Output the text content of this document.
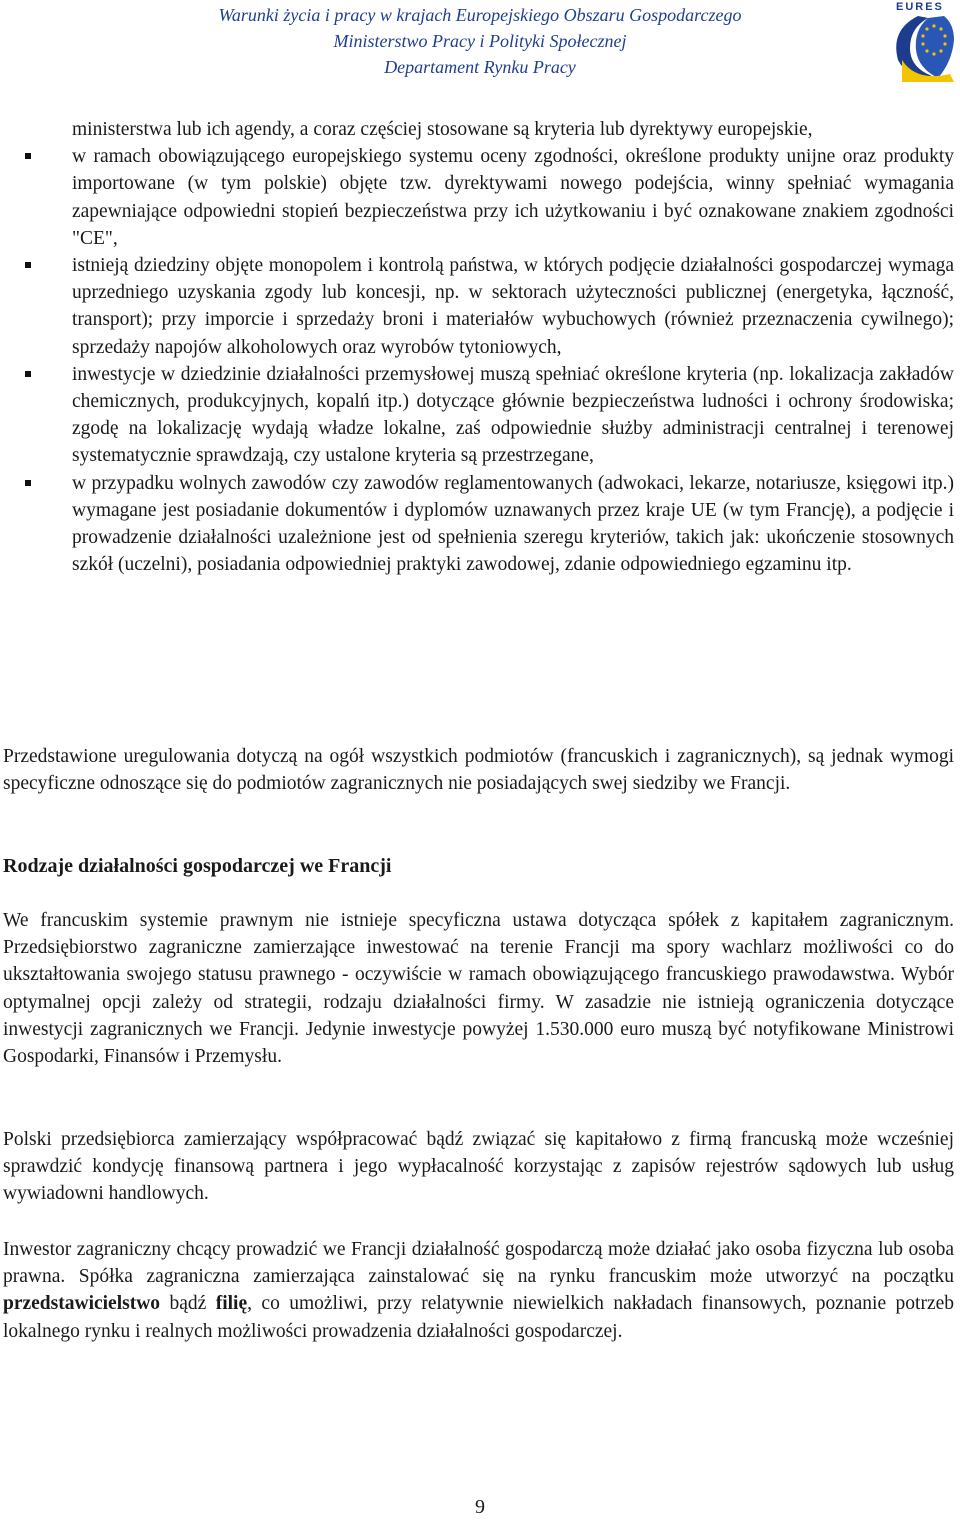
Warunki życia i pracy w krajach Europejskiego Obszaru Gospodarczego
Ministerstwo Pracy i Polityki Społecznej
Departament Rynku Pracy
EURES

ministerstwa lub ich agendy, a coraz częściej stosowane są kryteria lub dyrektywy europejskie,

w ramach obowiązującego europejskiego systemu oceny zgodności, określone produkty unijne oraz produkty importowane (w tym polskie) objęte tzw. dyrektywami nowego podejścia, winny spełniać wymagania zapewniające odpowiedni stopień bezpieczeństwa przy ich użytkowaniu i być oznakowane znakiem zgodności "CE",
istnieją dziedziny objęte monopolem i kontrolą państwa, w których podjęcie działalności gospodarczej wymaga uprzedniego uzyskania zgody lub koncesji, np. w sektorach użyteczności publicznej (energetyka, łączność, transport); przy imporcie i sprzedaży broni i materiałów wybuchowych (również przeznaczenia cywilnego); sprzedaży napojów alkoholowych oraz wyrobów tytoniowych,
inwestycje w dziedzinie działalności przemysłowej muszą spełniać określone kryteria (np. lokalizacja zakładów chemicznych, produkcyjnych, kopalń itp.) dotyczące głównie bezpieczeństwa ludności i ochrony środowiska; zgodę na lokalizację wydają władze lokalne, zaś odpowiednie służby administracji centralnej i terenowej systematycznie sprawdzają, czy ustalone kryteria są przestrzegane,
w przypadku wolnych zawodów czy zawodów reglamentowanych (adwokaci, lekarze, notariusze, księgowi itp.) wymagane jest posiadanie dokumentów i dyplomów uznawanych przez kraje UE (w tym Francję), a podjęcie i prowadzenie działalności uzależnione jest od spełnienia szeregu kryteriów, takich jak: ukończenie stosownych szkół (uczelni), posiadania odpowiedniej praktyki zawodowej, zdanie odpowiedniego egzaminu itp.

Przedstawione uregulowania dotyczą na ogół wszystkich podmiotów (francuskich i zagranicznych), są jednak wymogi specyficzne odnoszące się do podmiotów zagranicznych nie posiadających swej siedziby we Francji.

Rodzaje działalności gospodarczej we Francji

We francuskim systemie prawnym nie istnieje specyficzna ustawa dotycząca spółek z kapitałem zagranicznym. Przedsiębiorstwo zagraniczne zamierzające inwestować na terenie Francji ma spory wachlarz możliwości co do ukształtowania swojego statusu prawnego - oczywiście w ramach obowiązującego francuskiego prawodawstwa. Wybór optymalnej opcji zależy od strategii, rodzaju działalności firmy. W zasadzie nie istnieją ograniczenia dotyczące inwestycji zagranicznych we Francji. Jedynie inwestycje powyżej 1.530.000 euro muszą być notyfikowane Ministrowi Gospodarki, Finansów i Przemysłu.

Polski przedsiębiorca zamierzający współpracować bądź związać się kapitałowo z firmą francuską może wcześniej sprawdzić kondycję finansową partnera i jego wypłacalność korzystając z zapisów rejestrów sądowych lub usług wywiadowni handlowych.

Inwestor zagraniczny chcący prowadzić we Francji działalność gospodarczą może działać jako osoba fizyczna lub osoba prawna. Spółka zagraniczna zamierzająca zainstalować się na rynku francuskim może utworzyć na początku przedstawicielstwo bądź filię, co umożliwi, przy relatywnie niewielkich nakładach finansowych, poznanie potrzeb lokalnego rynku i realnych możliwości prowadzenia działalności gospodarczej.

9
